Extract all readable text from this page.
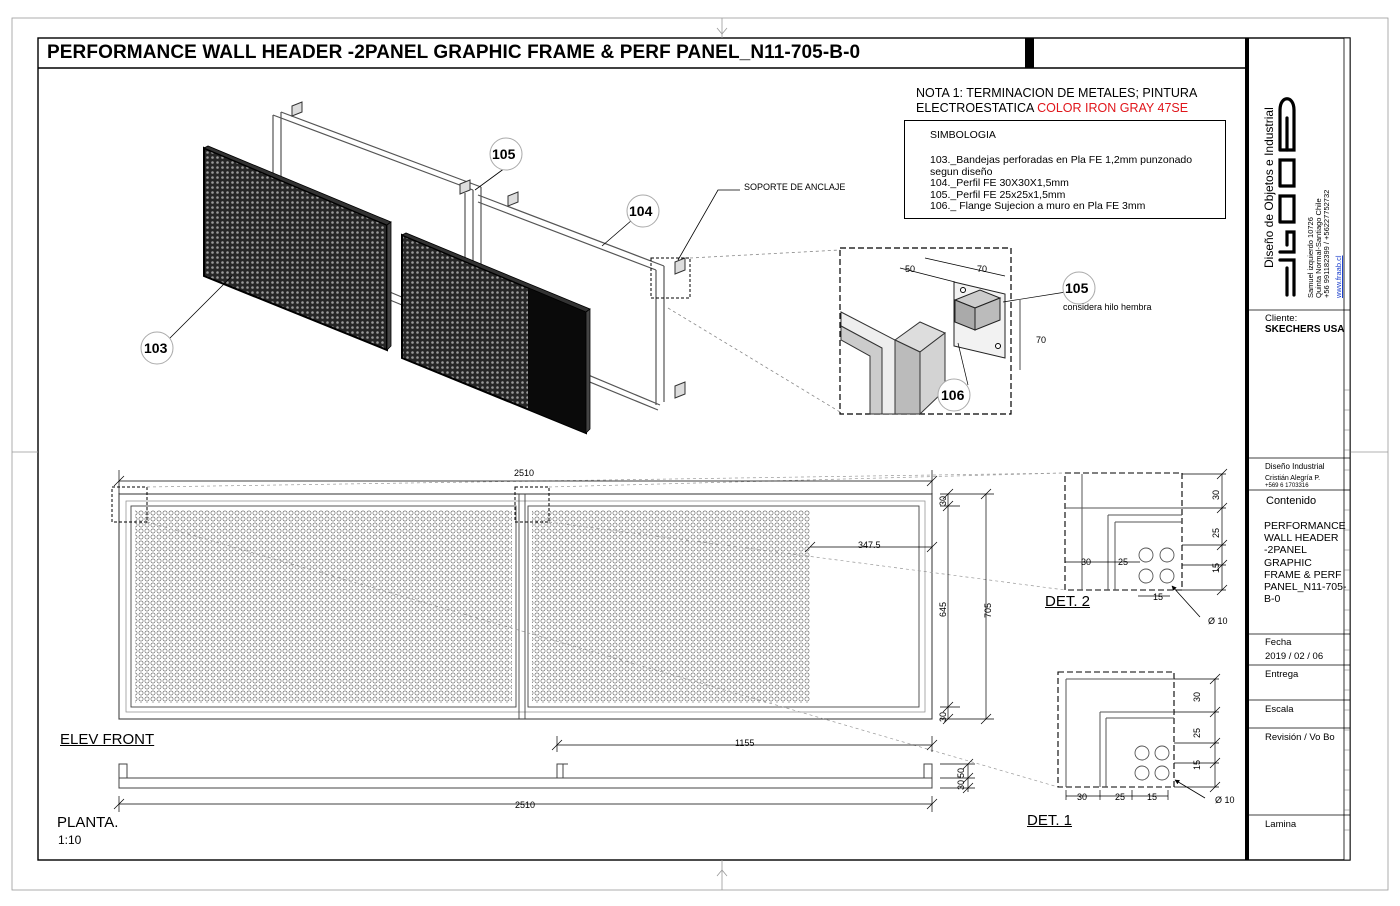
PERFORMANCE WALL HEADER -2PANEL GRAPHIC FRAME & PERF PANEL_N11-705-B-0
NOTA 1: TERMINACION DE METALES; PINTURA
ELECTROESTATICA COLOR IRON GRAY 47SE
SIMBOLOGIA
103._Bandejas perforadas en Pla FE 1,2mm punzonado segun diseño
104._Perfil FE 30X30X1,5mm
105._Perfil FE 25x25x1,5mm
106._ Flange Sujecion a muro en Pla FE 3mm
103
105
104
105
106
SOPORTE DE ANCLAJE
considera hilo hembra
50	70
70
2510
347.5
1155
30
645
30
705
ELEV FRONT
2510
30
50
PLANTA.
1:10
30
25
15
30	25
15
Ø 10
DET. 2
30
25
15
30	25 15	Ø 10
DET. 1
Diseño de Objetos e Industrial	Samuel izquierdo 10726 Quinta Normal-Santiago Chile +56 991182399 / +56227752732 www.fraab.cl
Cliente:
SKECHERS USA
Diseño Industrial
Cristián Alegría P.
+569 6 1703316
Contenido
PERFORMANCE WALL HEADER -2PANEL GRAPHIC FRAME & PERF PANEL_N11-705-B-0
Fecha
2019 / 02 / 06
Entrega
Escala
Revisión / Vo Bo
Lamina
